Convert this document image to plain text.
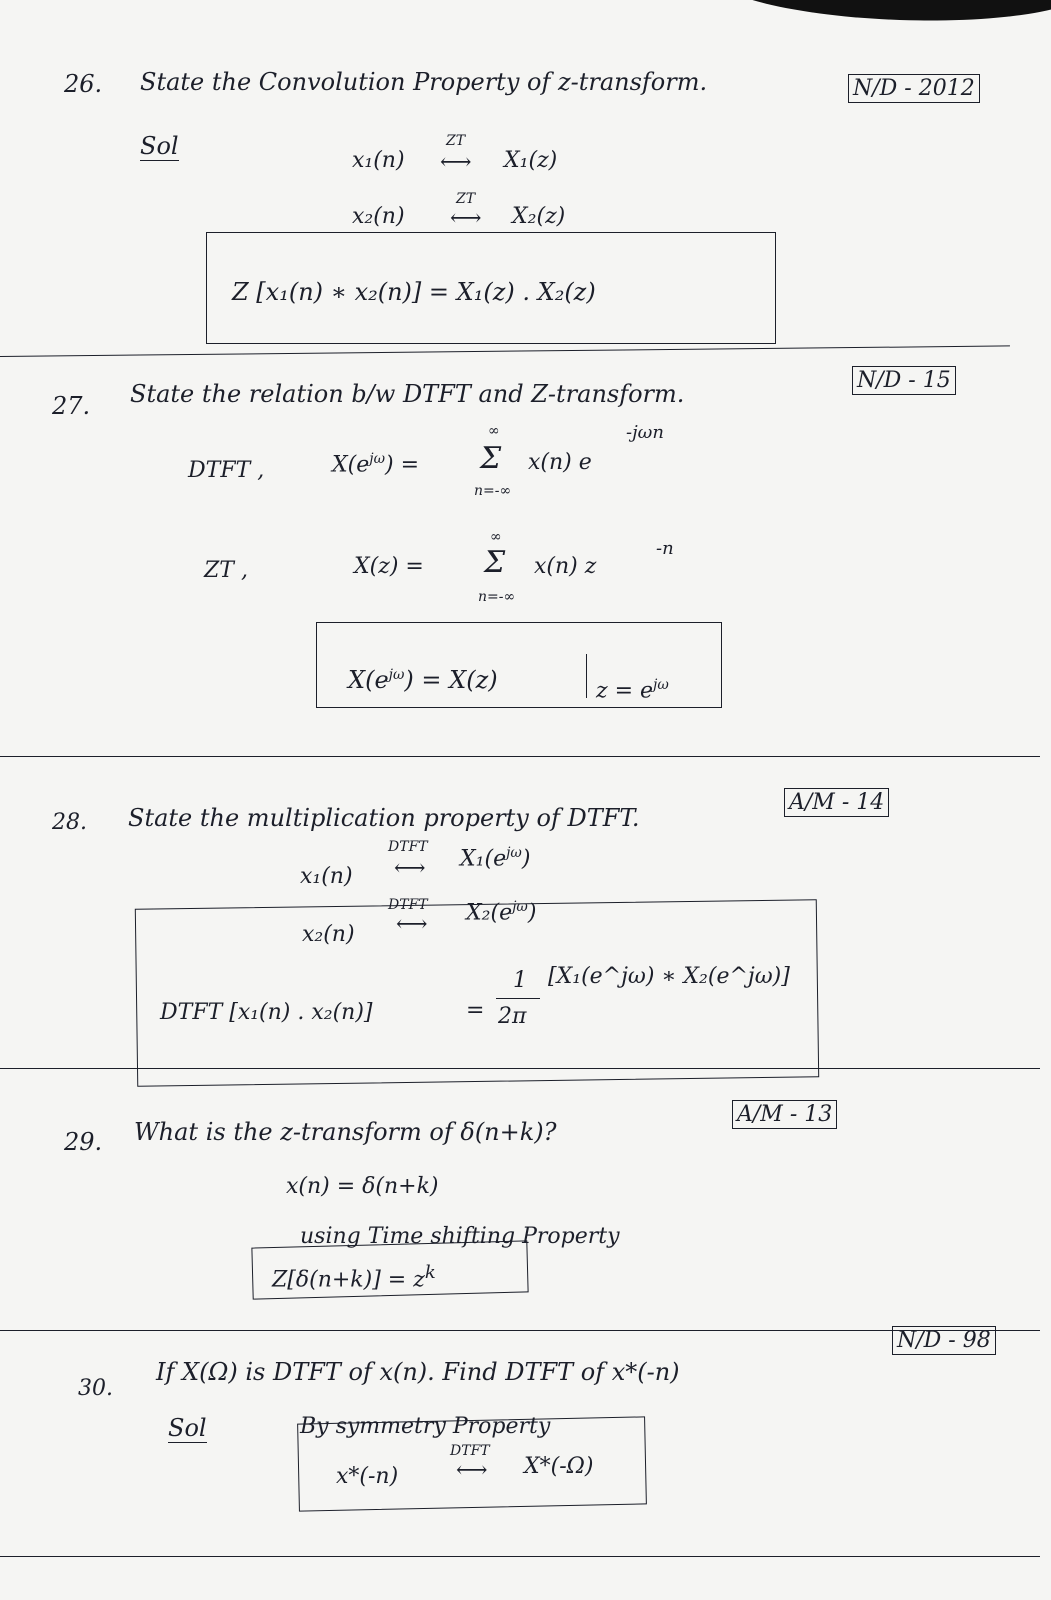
26. State the Convolution Property of z-transform.	N/D - 2012
Sol
x₁(n)
ZT
⟷ X₁(z)
x₂(n)
ZT
⟷ X₂(z)
Z [x₁(n) ∗ x₂(n)] = X₁(z) . X₂(z)
27. State the relation b/w DTFT and Z-transform.	N/D - 15
DTFT ,	$X(e^{j\omega})$ =
∞
Σ
n=-∞
x(n) e
-jωn
ZT ,	X(z) =
∞
Σ
n=-∞
x(n) z
-n
$X(e^{j\omega}) = X(z)$	$z = e^{j\omega}$
28. State the multiplication property of DTFT.
A/M - 14
x₁(n)
DTFT
⟷ $X_1(e^{j\omega})$
x₂(n)
DTFT
⟷ $X_2(e^{j\omega})$
DTFT [x₁(n) . x₂(n)]	=
1
2π
[X₁(e^jω) ∗ X₂(e^jω)]
29. What is the z-transform of δ(n+k)?
A/M - 13
x(n) = δ(n+k)
using Time shifting Property
$Z[\delta(n+k)] = z^k$
30.
If X(Ω) is DTFT of x(n). Find DTFT of x*(-n)
N/D - 98
Sol	By symmetry Property
x*(-n)
DTFT
⟷ X*(-Ω)
